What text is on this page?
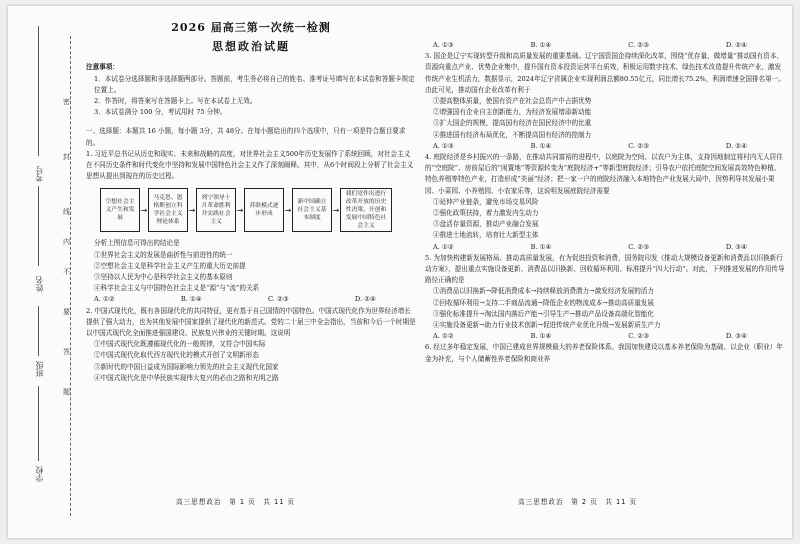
考号
姓名
班级
学校
密
封
线
内
不
要
答
题
2026 届高三第一次统一检测
思想政治试题
注意事项：
1．本试卷分选择题和非选择题两部分。答题前，考生务必将自己的姓名、准考证号填写在本试卷和答题卡规定位置上。
2．作答时，将答案写在答题卡上。写在本试卷上无效。
3．本试卷满分 100 分，考试用时 75 分钟。

一、选择题：本题共 16 小题，每小题 3分，共 48分。在每小题给出的四个选项中，只有一项是符合题目要求的。

1. 习近平总书记从历史和现实、未来和战略的高度，对世界社会主义500年历史发展作了系统回顾，对社会主义在不同历史条件和时代变化中坚持和发展中国特色社会主义作了深刻阐释。其中，从6个时间段上分析了社会主义思想从提出到现在的历史过程。

空想社会主义产生和发展
→
马克思、恩格斯创立科学社会主义理论体系
→
列宁领导十月革命胜利并实践社会主义
→	苏联模式逐步形成	→
新中国确立社会主义基本制度
→
我们党作出进行改革开放的历史性决策，开创和发展中国特色社会主义

分析上图信息可得出的结论是

①世界社会主义的发展是曲折性与前进性的统一

②空想社会主义是科学社会主义产生的重大历史前提

③坚持以人民为中心是科学社会主义的基本原则

④科学社会主义与中国特色社会主义是“源”与“流”的关系

A. ①②	B. ①④	C. ②③	D. ②④

2. 中国式现代化，既有各国现代化的共同特征，更有基于自己国情的中国特色。中国式现代化作为世界经济增长提供了强大动力，也为其他发展中国家提供了现代化的新范式。党的二十届三中全会指出，当前和今后一个时期是以中国式现代化全面推进强国建设、民族复兴伟业的关键时期。这说明

①中国式现代化既遵循现代化的一般规律，又符合中国实际

②中国式现代化取代西方现代化的模式开创了文明新形态

③新时代的中国日益成为国际影响力领先的社会主义现代化国家

④中国式现代化是中华民族实现伟大复兴的必由之路和光明之路

高三思想政治　第 1 页　共 11 页
A. ①③	B. ①④	C. ②③	D. ②④

3. 国企是辽宁实现转型升级和高质量发展的重要基础。辽宁国资国企持续深化改革，围绕“优存量、做增量”推动国有资本、资源向重点产业、优势企业集中，提升国有资本投资运营平台质效，积极运用数字技术、绿色技术改造提升传统产业，激发传统产业生机活力，数据显示，2024年辽宁省属企业实现利润总额80.55亿元，同比增长75.2%，利润增速全国排名第一。由此可见，推动国有企业改革有利于

①提高整体质量，使国有资产在社会总资产中占据优势

②增强国有企业自主创新能力，为经济发展增添新动能

③扩大国企的规模，提高国有经济在国民经济中的比重

④推进国有经济布局优化，不断提高国有经济的控制力

A. ①③	B. ①④	C. ②③	D. ②④

4. 庭院经济是乡村振兴的一条路，在推动共同富裕的进程中，以庭院为空间、以农户为主体，支持因地制宜将村内无人居住的“空庭院”、房前屋后的“闲置地”等资源转变为“庭院经济+”等新型庭院经济；引导农户依托庭院空间发展高效特色种植、特色养殖等特色产业，打造形成“美丽”经济；把一家一户的庭院经济融入本地特色产业发展大局中，因势利导其发展小果园、小菜园、小养殖园、小农家乐等，这说明发展庭院经济需要

①延伸产业链条，避免市场交易风险

②强化政策扶持，着力激发内生动力

③盘活存量资源，推动产业融合发展

④推进土地流转，培育壮大新型主体

A. ①②	B. ①④	C. ②③	D. ③④

5. 为加快构建新发展格局、推动高质量发展，有为促进投资和消费，国务院印发《推动大规模设备更新和消费品以旧换新行动方案》，提出重点实施设备更新、消费品以旧换新、回收循环利用、标准提升“四大行动”。对此，下列推进发展的作用传导路径正确的是

①消费品以旧换新→降低消费成本→持续释放消费潜力→激发经济发展的活力

②回收循环利用→支持二手商品流通→降低企业的物流成本→推动高质量发展

③强化标准提升→淘汰国内落后产能→引导生产→推动产品设备高端化智能化

④实施设备更新→助力行业技术创新→促进传统产业优化升级→发展新质生产力

A. ①②	B. ①④	C. ②③	D. ③④

6. 经过多年稳定发展，中国已建成世界规模最大的养老保险体系。我国加快建设以基本养老保险为基础、以企业（职业）年金为补充，与个人储蓄性养老保险和商业养

高三思想政治　第 2 页　共 11 页
